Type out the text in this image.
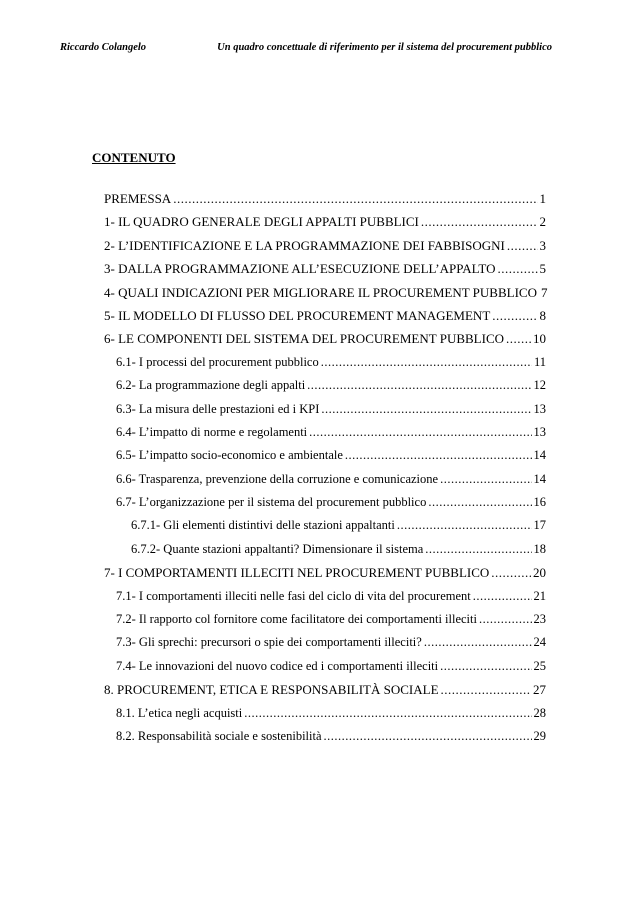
Riccardo Colangelo	Un quadro concettuale di riferimento per il sistema del procurement pubblico
CONTENUTO
PREMESSA .....	1
1- IL QUADRO GENERALE DEGLI APPALTI PUBBLICI .....	2
2- L’IDENTIFICAZIONE E LA PROGRAMMAZIONE DEI FABBISOGNI .....	3
3- DALLA PROGRAMMAZIONE ALL’ESECUZIONE DELL’APPALTO .....	5
4- QUALI INDICAZIONI PER MIGLIORARE IL PROCUREMENT PUBBLICO 7
5- IL MODELLO DI FLUSSO DEL PROCUREMENT MANAGEMENT .....	8
6- LE COMPONENTI DEL SISTEMA DEL PROCUREMENT PUBBLICO ..... 10
6.1- I processi del procurement pubblico .....	11
6.2- La programmazione degli appalti .....	12
6.3- La misura delle prestazioni ed i KPI .....	13
6.4- L’impatto di norme e regolamenti .....	13
6.5- L’impatto socio-economico e ambientale .....	14
6.6- Trasparenza, prevenzione della corruzione e comunicazione .....	14
6.7- L’organizzazione per il sistema del procurement pubblico .....	16
6.7.1- Gli elementi distintivi delle stazioni appaltanti .....	17
6.7.2- Quante stazioni appaltanti? Dimensionare il sistema .....	18
7- I COMPORTAMENTI ILLECITI NEL PROCUREMENT PUBBLICO .....	20
7.1- I comportamenti illeciti nelle fasi del ciclo di vita del procurement .....	21
7.2- Il rapporto col fornitore come facilitatore dei comportamenti illeciti .....	23
7.3- Gli sprechi: precursori o spie dei comportamenti illeciti? .....	24
7.4- Le innovazioni del nuovo codice ed i comportamenti illeciti .....	25
8. PROCUREMENT, ETICA E RESPONSABILITÀ SOCIALE .....	27
8.1. L’etica negli acquisti .....	28
8.2. Responsabilità sociale e sostenibilità .....	29
